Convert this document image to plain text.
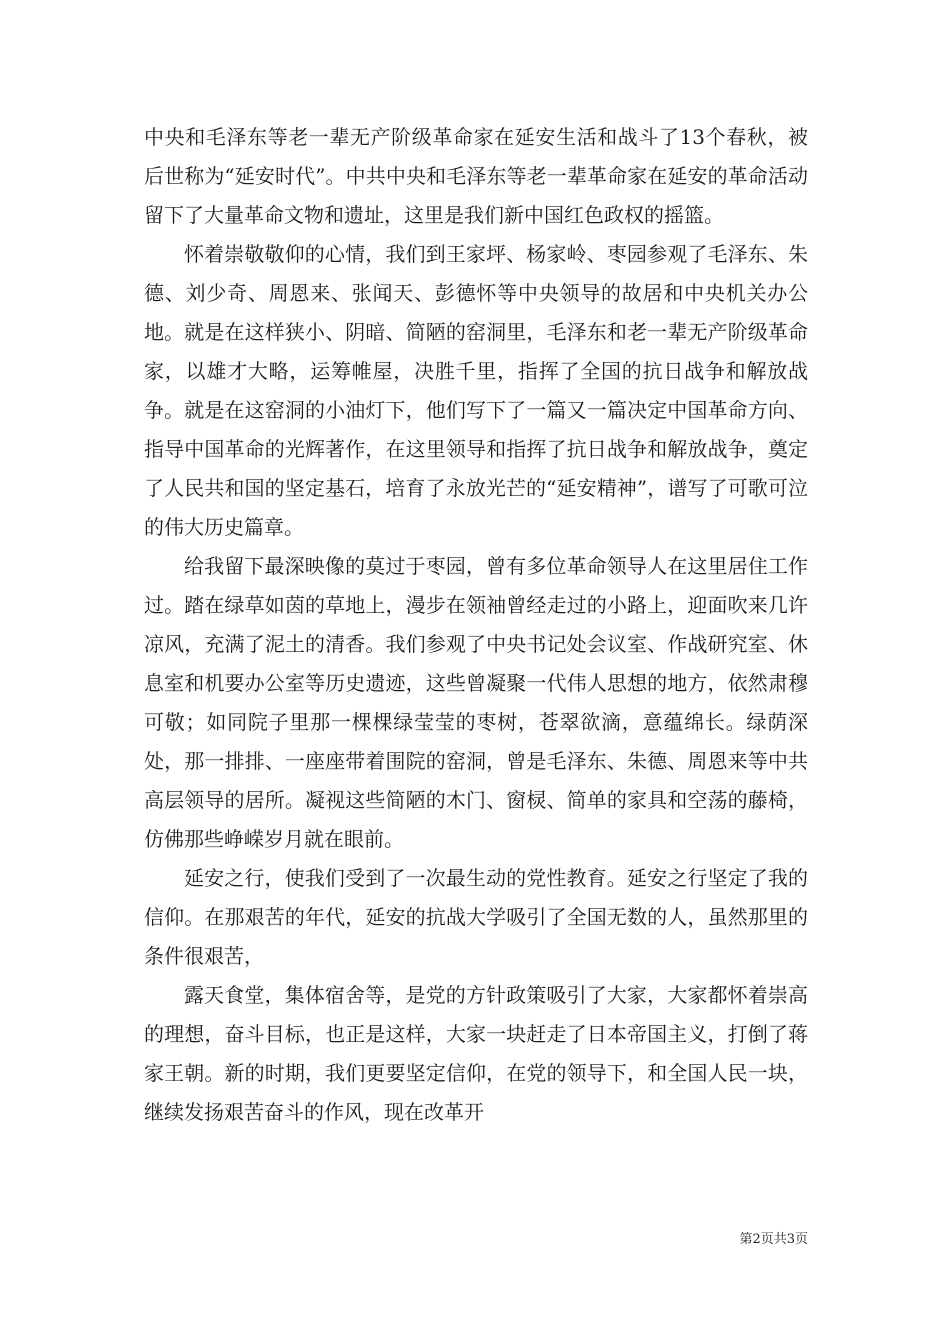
中央和毛泽东等老一辈无产阶级革命家在延安生活和战斗了13个春秋，被后世称为“延安时代”。中共中央和毛泽东等老一辈革命家在延安的革命活动留下了大量革命文物和遗址，这里是我们新中国红色政权的摇篮。

怀着崇敬敬仰的心情，我们到王家坪、杨家岭、枣园参观了毛泽东、朱德、刘少奇、周恩来、张闻天、彭德怀等中央领导的故居和中央机关办公地。就是在这样狭小、阴暗、简陋的窑洞里，毛泽东和老一辈无产阶级革命家，以雄才大略，运筹帷屋，决胜千里，指挥了全国的抗日战争和解放战争。就是在这窑洞的小油灯下，他们写下了一篇又一篇决定中国革命方向、指导中国革命的光辉著作，在这里领导和指挥了抗日战争和解放战争，奠定了人民共和国的坚定基石，培育了永放光芒的“延安精神”，谱写了可歌可泣的伟大历史篇章。

给我留下最深映像的莫过于枣园，曾有多位革命领导人在这里居住工作过。踏在绿草如茵的草地上，漫步在领袖曾经走过的小路上，迎面吹来几许凉风，充满了泥土的清香。我们参观了中央书记处会议室、作战研究室、休息室和机要办公室等历史遗迹，这些曾凝聚一代伟人思想的地方，依然肃穆可敬；如同院子里那一棵棵绿莹莹的枣树，苍翠欲滴，意蕴绵长。绿荫深处，那一排排、一座座带着围院的窑洞，曾是毛泽东、朱德、周恩来等中共高层领导的居所。凝视这些简陋的木门、窗棂、简单的家具和空荡的藤椅，仿佛那些峥嵘岁月就在眼前。

延安之行，使我们受到了一次最生动的党性教育。延安之行坚定了我的信仰。在那艰苦的年代，延安的抗战大学吸引了全国无数的人，虽然那里的条件很艰苦，

露天食堂，集体宿舍等，是党的方针政策吸引了大家，大家都怀着崇高的理想，奋斗目标，也正是这样，大家一块赶走了日本帝国主义，打倒了蒋家王朝。新的时期，我们更要坚定信仰，在党的领导下，和全国人民一块，继续发扬艰苦奋斗的作风，现在改革开

第2页共3页
